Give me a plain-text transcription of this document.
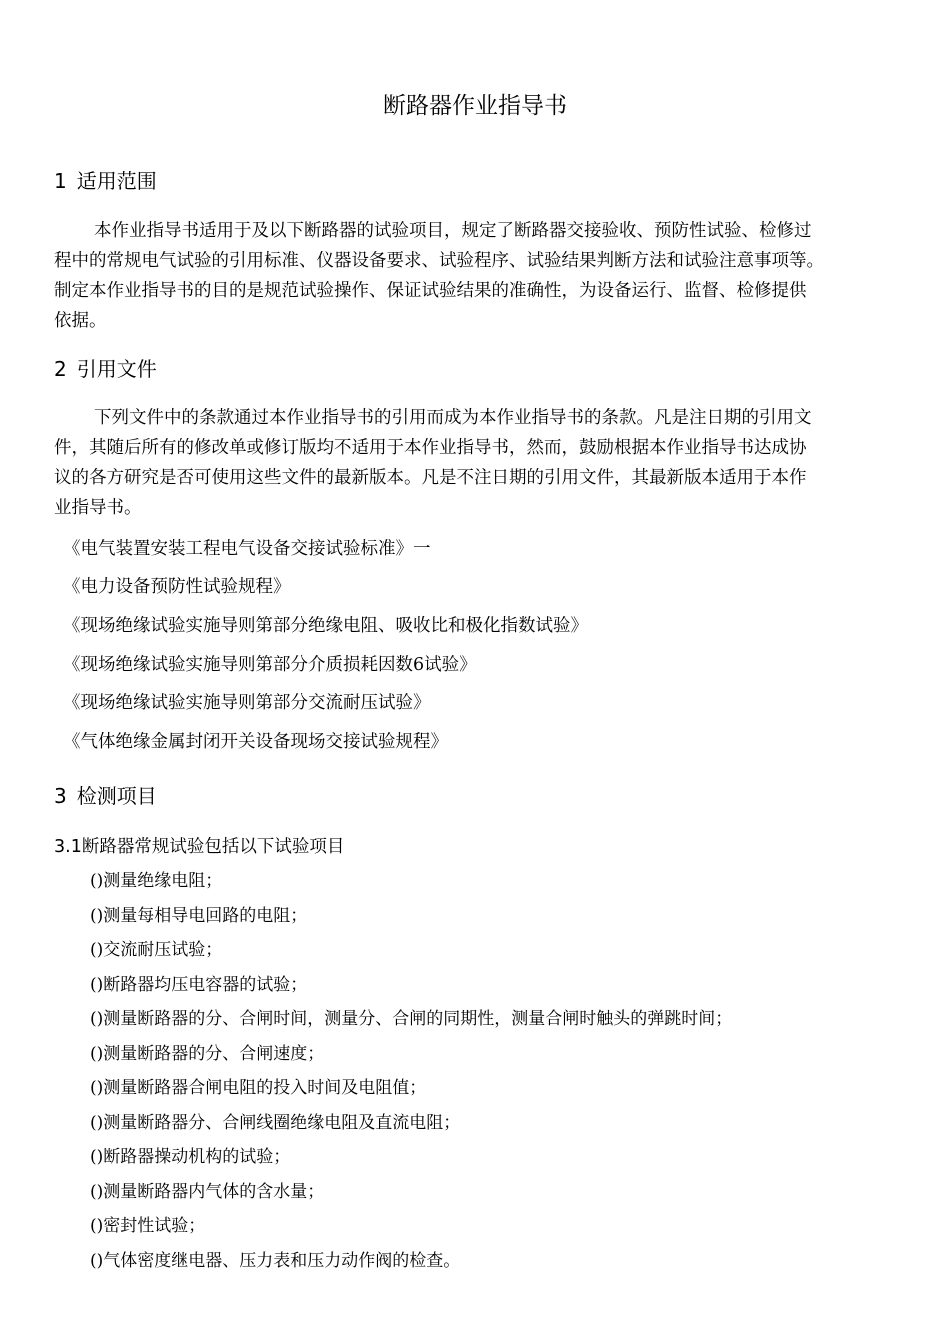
断路器作业指导书
1 适用范围
本作业指导书适用于及以下断路器的试验项目，规定了断路器交接验收、预防性试验、检修过
程中的常规电气试验的引用标准、仪器设备要求、试验程序、试验结果判断方法和试验注意事项等。
制定本作业指导书的目的是规范试验操作、保证试验结果的准确性，为设备运行、监督、检修提供
依据。
2 引用文件
下列文件中的条款通过本作业指导书的引用而成为本作业指导书的条款。凡是注日期的引用文
件，其随后所有的修改单或修订版均不适用于本作业指导书，然而，鼓励根据本作业指导书达成协
议的各方研究是否可使用这些文件的最新版本。凡是不注日期的引用文件，其最新版本适用于本作
业指导书。
《电气装置安装工程电气设备交接试验标准》一
《电力设备预防性试验规程》
《现场绝缘试验实施导则第部分绝缘电阻、吸收比和极化指数试验》
《现场绝缘试验实施导则第部分介质损耗因数6试验》
《现场绝缘试验实施导则第部分交流耐压试验》
《气体绝缘金属封闭开关设备现场交接试验规程》
3 检测项目
3.1断路器常规试验包括以下试验项目
()测量绝缘电阻；
()测量每相导电回路的电阻；
()交流耐压试验；
()断路器均压电容器的试验；
()测量断路器的分、合闸时间，测量分、合闸的同期性，测量合闸时触头的弹跳时间；
()测量断路器的分、合闸速度；
()测量断路器合闸电阻的投入时间及电阻值；
()测量断路器分、合闸线圈绝缘电阻及直流电阻；
()断路器操动机构的试验；
()测量断路器内气体的含水量；
()密封性试验；
()气体密度继电器、压力表和压力动作阀的检查。
